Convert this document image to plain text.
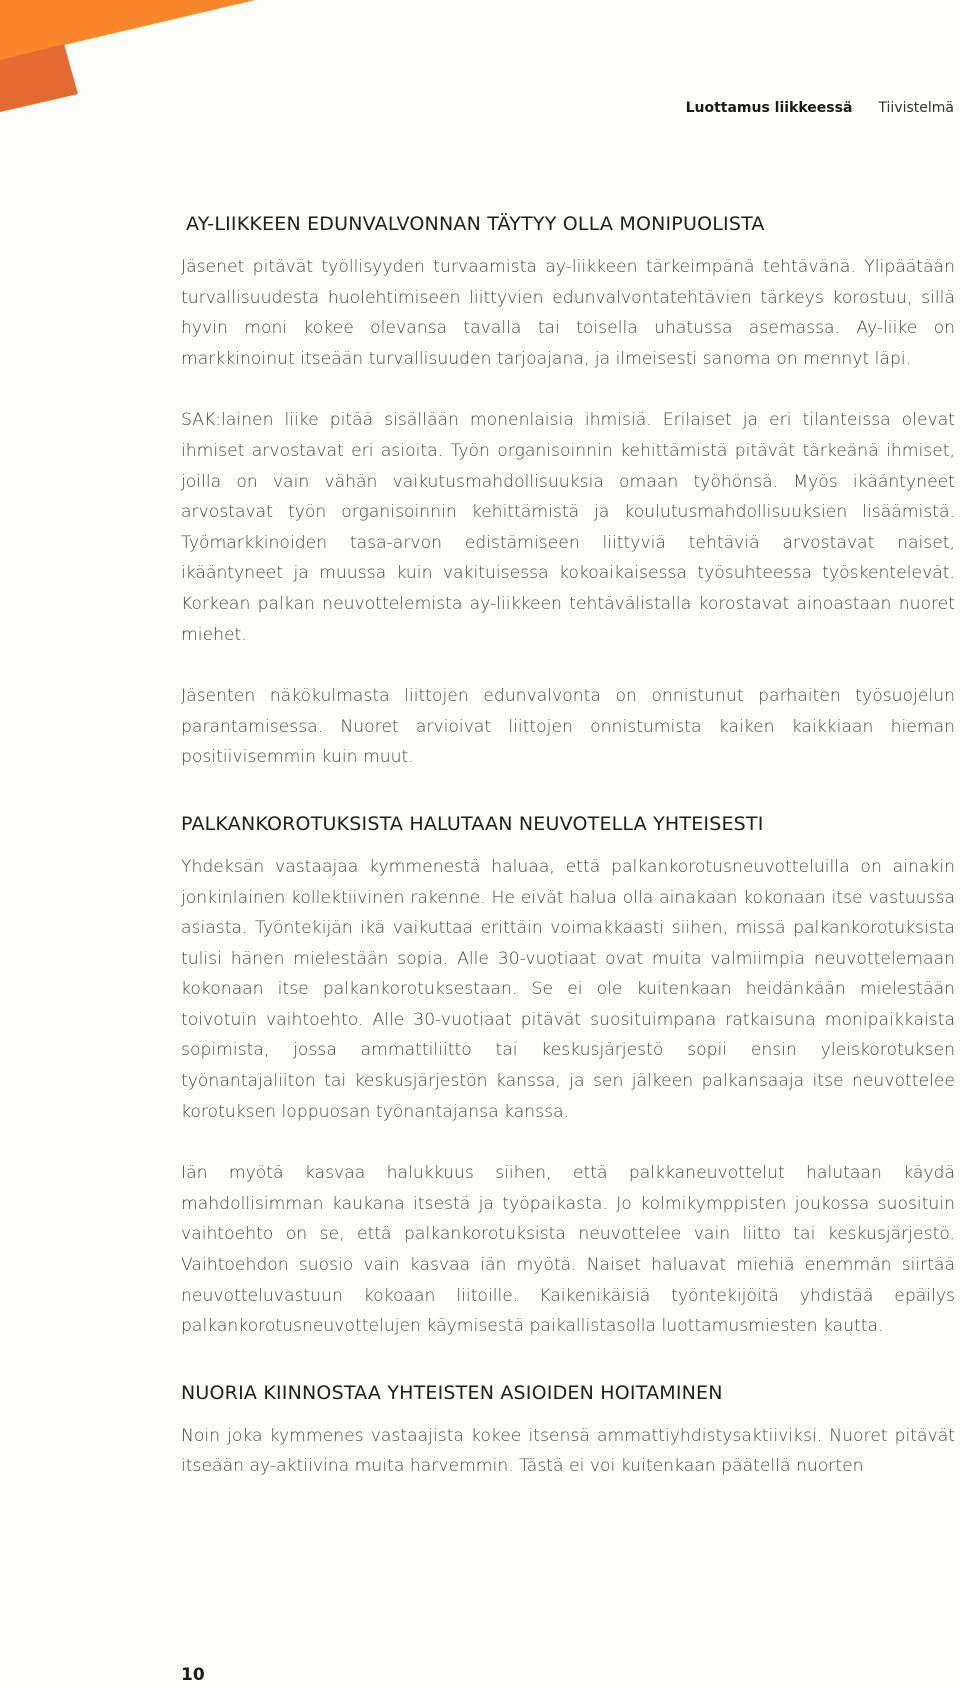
Luottamus liikkeessä Tiivistelmä
AY-LIIKKEEN EDUNVALVONNAN TÄYTYY OLLA MONIPUOLISTA

Jäsenet pitävät työllisyyden turvaamista ay-liikkeen tärkeimpänä tehtävänä. Ylipäätään turvallisuudesta huolehtimiseen liittyvien edunvalvontatehtävien tärkeys korostuu, sillä hyvin moni kokee olevansa tavalla tai toisella uhatussa asemassa. Ay-liike on markkinoinut itseään turvallisuuden tarjoajana, ja ilmeisesti sanoma on mennyt läpi.

SAK:lainen liike pitää sisällään monenlaisia ihmisiä. Erilaiset ja eri tilanteissa olevat ihmiset arvostavat eri asioita. Työn organisoinnin kehittämistä pitävät tärkeänä ihmiset, joilla on vain vähän vaikutusmahdollisuuksia omaan työhönsä. Myös ikääntyneet arvostavat työn organisoinnin kehittämistä ja koulutusmahdollisuuksien lisäämistä. Työmarkkinoiden tasa-arvon edistämiseen liittyviä tehtäviä arvostavat naiset, ikääntyneet ja muussa kuin vakituisessa kokoaikaisessa työsuhteessa työskentelevät. Korkean palkan neuvottelemista ay-liikkeen tehtävälistalla korostavat ainoastaan nuoret miehet.

Jäsenten näkökulmasta liittojen edunvalvonta on onnistunut parhaiten työsuojelun parantamisessa. Nuoret arvioivat liittojen onnistumista kaiken kaikkiaan hieman positiivisemmin kuin muut.

PALKANKOROTUKSISTA HALUTAAN NEUVOTELLA YHTEISESTI

Yhdeksän vastaajaa kymmenestä haluaa, että palkankorotusneuvotteluilla on ainakin jonkinlainen kollektiivinen rakenne. He eivät halua olla ainakaan kokonaan itse vastuussa asiasta. Työntekijän ikä vaikuttaa erittäin voimakkaasti siihen, missä palkankorotuksista tulisi hänen mielestään sopia. Alle 30-vuotiaat ovat muita valmiimpia neuvottelemaan kokonaan itse palkankorotuksestaan. Se ei ole kuitenkaan heidänkään mielestään toivotuin vaihtoehto. Alle 30-vuotiaat pitävät suosituimpana ratkaisuna monipaikkaista sopimista, jossa ammattiliitto tai keskusjärjestö sopii ensin yleiskorotuksen työnantajaliiton tai keskusjärjestön kanssa, ja sen jälkeen palkansaaja itse neuvottelee korotuksen loppuosan työnantajansa kanssa.

Iän myötä kasvaa halukkuus siihen, että palkkaneuvottelut halutaan käydä mahdollisimman kaukana itsestä ja työpaikasta. Jo kolmikymppisten joukossa suosituin vaihtoehto on se, että palkankorotuksista neuvottelee vain liitto tai keskusjärjestö. Vaihtoehdon suosio vain kasvaa iän myötä. Naiset haluavat miehiä enemmän siirtää neuvotteluvastuun kokoaan liitoille. Kaikenikäisiä työntekijöitä yhdistää epäilys palkankorotusneuvottelujen käymisestä paikallistasolla luottamusmiesten kautta.

NUORIA KIINNOSTAA YHTEISTEN ASIOIDEN HOITAMINEN

Noin joka kymmenes vastaajista kokee itsensä ammattiyhdistysaktiiviksi. Nuoret pitävät itseään ay-aktiivina muita harvemmin. Tästä ei voi kuitenkaan päätellä nuorten

10
